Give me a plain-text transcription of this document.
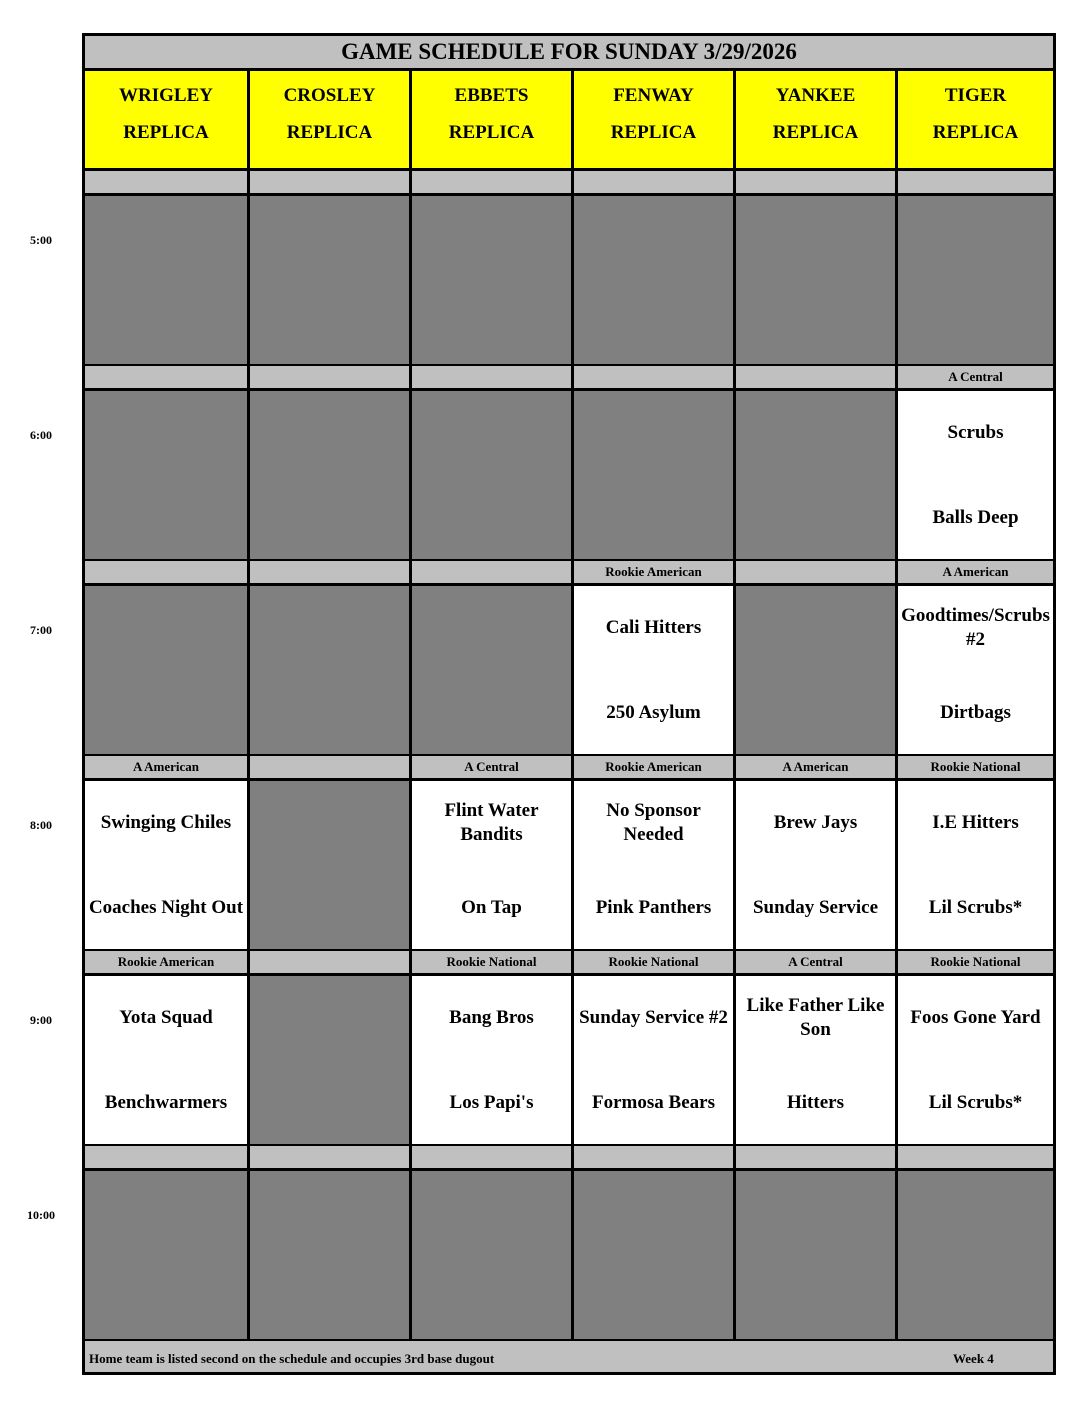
5:00
6:00
7:00
8:00
9:00
10:00
GAME SCHEDULE FOR SUNDAY 3/29/2026
Home team is listed second on the schedule and occupies 3rd base dugout	Week 4
WRIGLEY
REPLICA
CROSLEY
REPLICA
EBBETS
REPLICA
FENWAY
REPLICA
YANKEE
REPLICA
TIGER
REPLICA
A Central
Scrubs
Balls Deep
Rookie American
Cali Hitters
250 Asylum
A American
Goodtimes/Scrubs #2
Dirtbags
A American
Swinging Chiles
Coaches Night Out
A Central
Flint Water Bandits
On Tap
Rookie American
No Sponsor Needed
Pink Panthers
A American
Brew Jays
Sunday Service
Rookie National
I.E Hitters
Lil Scrubs*
Rookie American
Yota Squad
Benchwarmers
Rookie National
Bang Bros
Los Papi's
Rookie National
Sunday Service #2
Formosa Bears
A Central
Like Father Like Son
Hitters
Rookie National
Foos Gone Yard
Lil Scrubs*
